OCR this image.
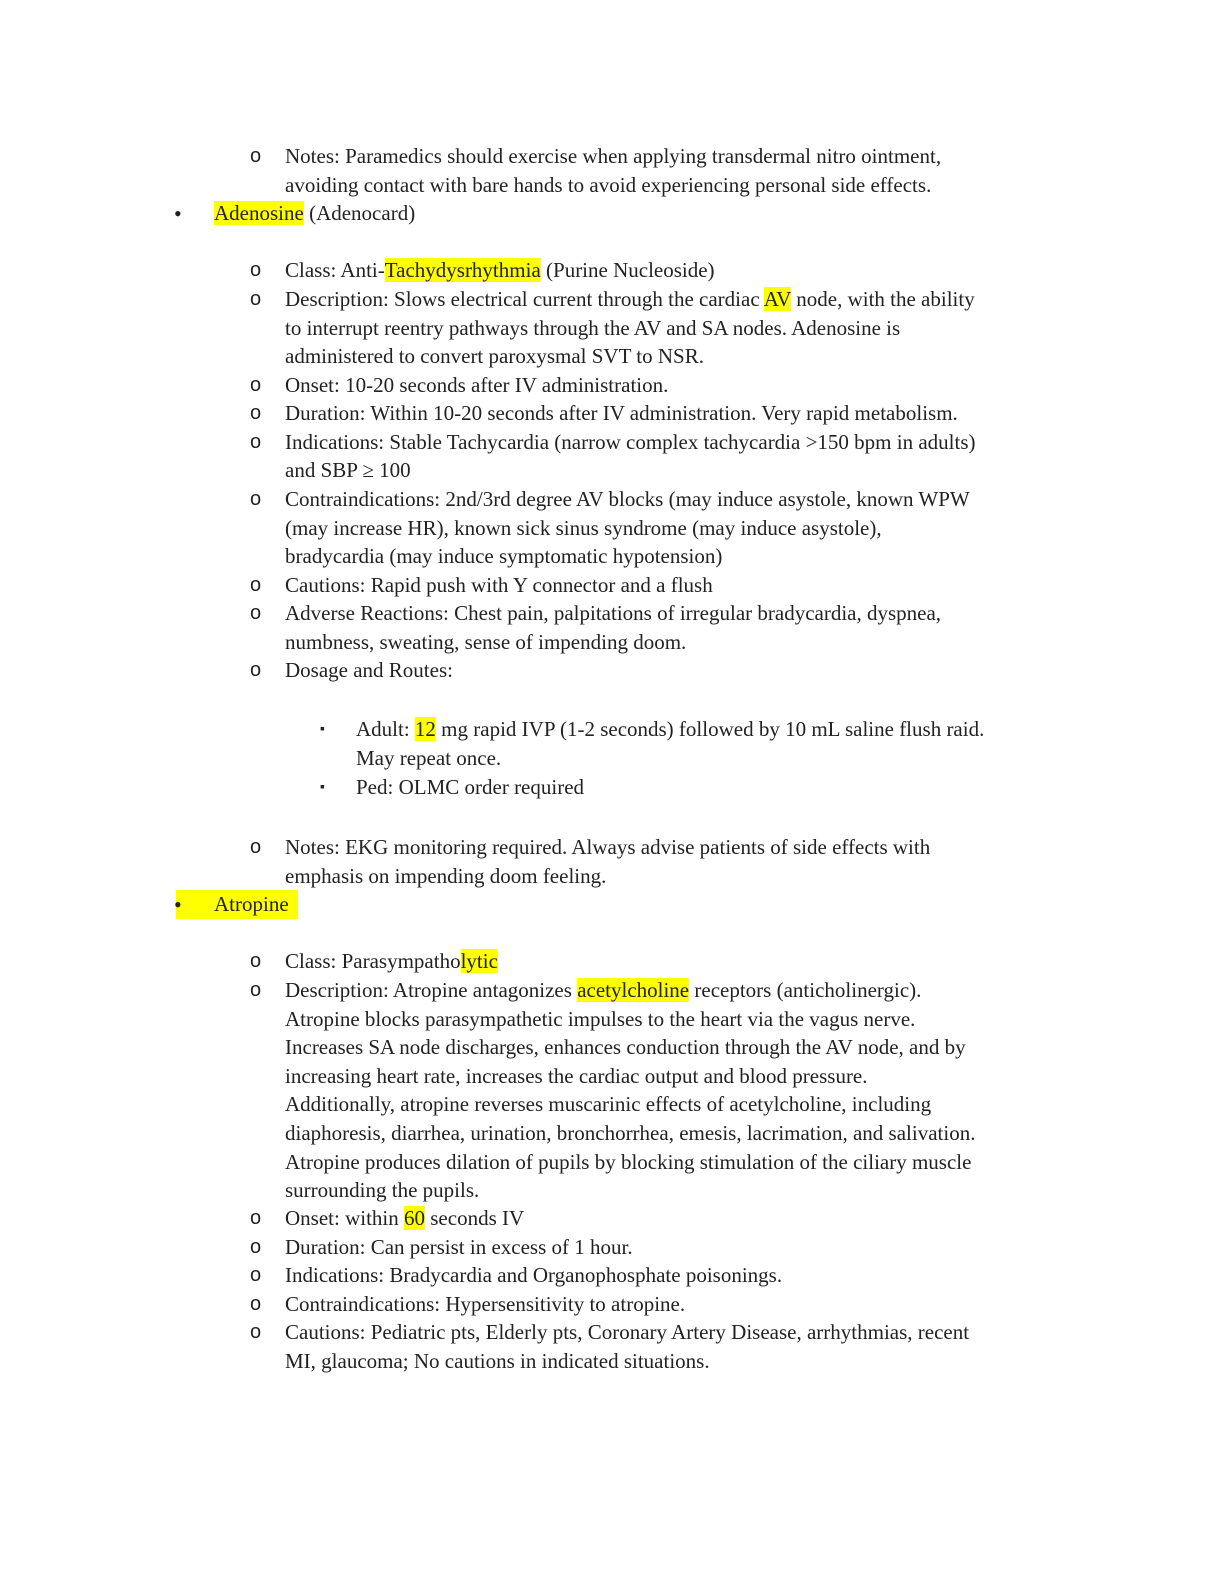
o Notes: Paramedics should exercise when applying transdermal nitro ointment,
avoiding contact with bare hands to avoid experiencing personal side effects.
• Adenosine (Adenocard)
o Class: Anti-Tachydysrhythmia (Purine Nucleoside)
o Description: Slows electrical current through the cardiac AV node, with the ability
to interrupt reentry pathways through the AV and SA nodes. Adenosine is
administered to convert paroxysmal SVT to NSR.
o Onset: 10-20 seconds after IV administration.
o Duration: Within 10-20 seconds after IV administration. Very rapid metabolism.
o Indications: Stable Tachycardia (narrow complex tachycardia >150 bpm in adults)
and SBP ≥ 100
o Contraindications: 2nd/3rd degree AV blocks (may induce asystole, known WPW
(may increase HR), known sick sinus syndrome (may induce asystole),
bradycardia (may induce symptomatic hypotension)
o Cautions: Rapid push with Y connector and a flush
o Adverse Reactions: Chest pain, palpitations of irregular bradycardia, dyspnea,
numbness, sweating, sense of impending doom.
o Dosage and Routes:
▪ Adult: 12 mg rapid IVP (1-2 seconds) followed by 10 mL saline flush raid.
May repeat once.
▪ Ped: OLMC order required
o Notes: EKG monitoring required. Always advise patients of side effects with
emphasis on impending doom feeling.
• Atropine
o Class: Parasympatholytic
o Description: Atropine antagonizes acetylcholine receptors (anticholinergic).
Atropine blocks parasympathetic impulses to the heart via the vagus nerve.
Increases SA node discharges, enhances conduction through the AV node, and by
increasing heart rate, increases the cardiac output and blood pressure.
Additionally, atropine reverses muscarinic effects of acetylcholine, including
diaphoresis, diarrhea, urination, bronchorrhea, emesis, lacrimation, and salivation.
Atropine produces dilation of pupils by blocking stimulation of the ciliary muscle
surrounding the pupils.
o Onset: within 60 seconds IV
o Duration: Can persist in excess of 1 hour.
o Indications: Bradycardia and Organophosphate poisonings.
o Contraindications: Hypersensitivity to atropine.
o Cautions: Pediatric pts, Elderly pts, Coronary Artery Disease, arrhythmias, recent
MI, glaucoma; No cautions in indicated situations.
